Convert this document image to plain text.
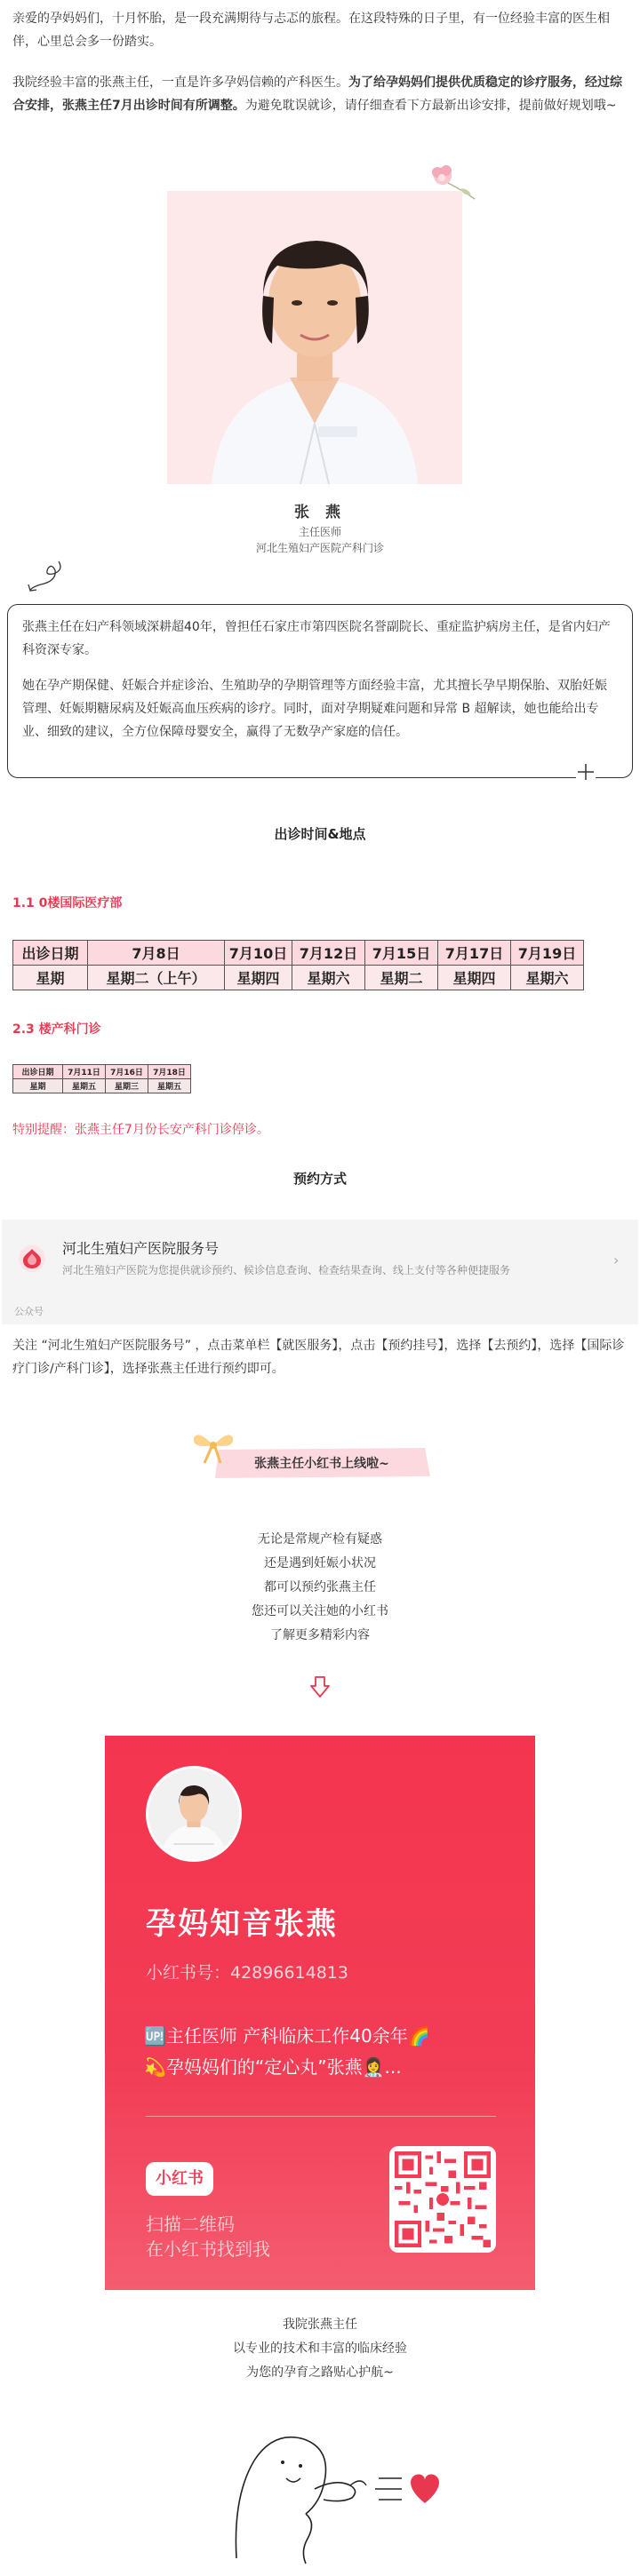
亲爱的孕妈妈们，十月怀胎，是一段充满期待与忐忑的旅程。在这段特殊的日子里，有一位经验丰富的医生相伴，心里总会多一份踏实。

我院经验丰富的张燕主任，一直是许多孕妈信赖的产科医生。为了给孕妈妈们提供优质稳定的诊疗服务，经过综合安排，张燕主任7月出诊时间有所调整。为避免耽误就诊，请仔细查看下方最新出诊安排，提前做好规划哦~

张 燕
主任医师
河北生殖妇产医院产科门诊

张燕主任在妇产科领域深耕超40年，曾担任石家庄市第四医院名誉副院长、重症监护病房主任，是省内妇产科资深专家。

她在孕产期保健、妊娠合并症诊治、生殖助孕的孕期管理等方面经验丰富，尤其擅长孕早期保胎、双胎妊娠管理、妊娠期糖尿病及妊娠高血压疾病的诊疗。同时，面对孕期疑难问题和异常 B 超解读，她也能给出专业、细致的建议，全方位保障母婴安全，赢得了无数孕产家庭的信任。

出诊时间&地点
1.1 0楼国际医疗部
出诊日期	7月8日	7月10日	7月12日	7月15日	7月17日	7月19日
星期	星期二（上午）	星期四	星期六	星期二	星期四	星期六
2.3 楼产科门诊
出诊日期	7月11日	7月16日	7月18日
星期	星期五	星期三	星期五
特别提醒：张燕主任7月份长安产科门诊停诊。
预约方式
河北生殖妇产医院服务号
河北生殖妇产医院为您提供就诊预约、候诊信息查询、检查结果查询、线上支付等各种便捷服务
›
公众号

关注 “河北生殖妇产医院服务号” ，点击菜单栏【就医服务】，点击【预约挂号】，选择【去预约】，选择【国际诊疗门诊/产科门诊】，选择张燕主任进行预约即可。

张燕主任小红书上线啦~
无论是常规产检有疑惑
还是遇到妊娠小状况
都可以预约张燕主任
您还可以关注她的小红书
了解更多精彩内容
孕妈知音张燕
小红书号：42896614813
🆙主任医师 产科临床工作40余年🌈
💫孕妈妈们的“定心丸”张燕👩‍⚕️...
小红书
扫描二维码
在小红书找到我
我院张燕主任
以专业的技术和丰富的临床经验
为您的孕育之路贴心护航~
